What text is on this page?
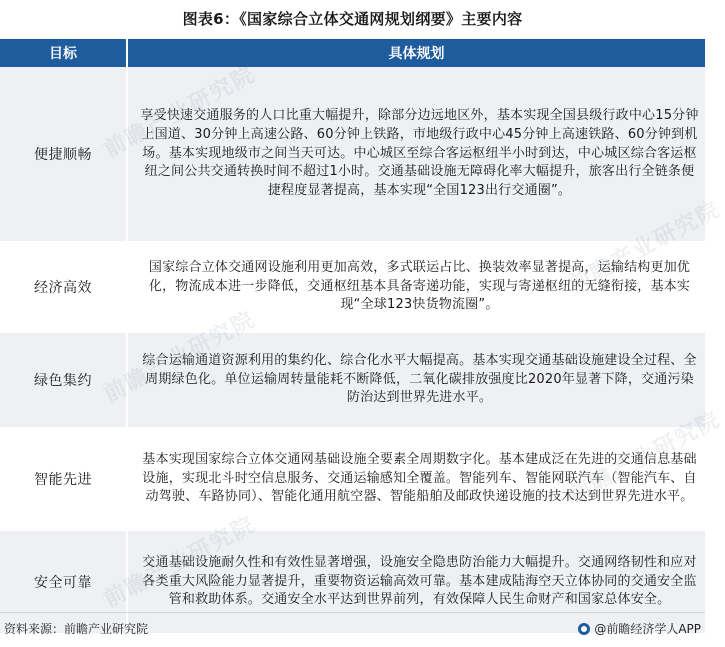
图表6：《国家综合立体交通网规划纲要》主要内容
目标	具体规划
便捷顺畅	享受快速交通服务的人口比重大幅提升，除部分边远地区外，基本实现全国县级行政中心15分钟上国道、30分钟上高速公路、60分钟上铁路，市地级行政中心45分钟上高速铁路、60分钟到机场。基本实现地级市之间当天可达。中心城区至综合客运枢纽半小时到达，中心城区综合客运枢纽之间公共交通转换时间不超过1小时。交通基础设施无障碍化率大幅提升，旅客出行全链条便捷程度显著提高，基本实现“全国123出行交通圈”。
经济高效	国家综合立体交通网设施利用更加高效，多式联运占比、换装效率显著提高，运输结构更加优化，物流成本进一步降低，交通枢纽基本具备寄递功能，实现与寄递枢纽的无缝衔接，基本实现“全球123快货物流圈”。
绿色集约	综合运输通道资源利用的集约化、综合化水平大幅提高。基本实现交通基础设施建设全过程、全周期绿色化。单位运输周转量能耗不断降低，二氧化碳排放强度比2020年显著下降，交通污染防治达到世界先进水平。
智能先进	基本实现国家综合立体交通网基础设施全要素全周期数字化。基本建成泛在先进的交通信息基础设施，实现北斗时空信息服务、交通运输感知全覆盖。智能列车、智能网联汽车（智能汽车、自动驾驶、车路协同）、智能化通用航空器、智能船舶及邮政快递设施的技术达到世界先进水平。
安全可靠	交通基础设施耐久性和有效性显著增强，设施安全隐患防治能力大幅提升。交通网络韧性和应对各类重大风险能力显著提升，重要物资运输高效可靠。基本建成陆海空天立体协同的交通安全监管和救助体系。交通安全水平达到世界前列，有效保障人民生命财产和国家总体安全。
资料来源：前瞻产业研究院	@前瞻经济学人APP
